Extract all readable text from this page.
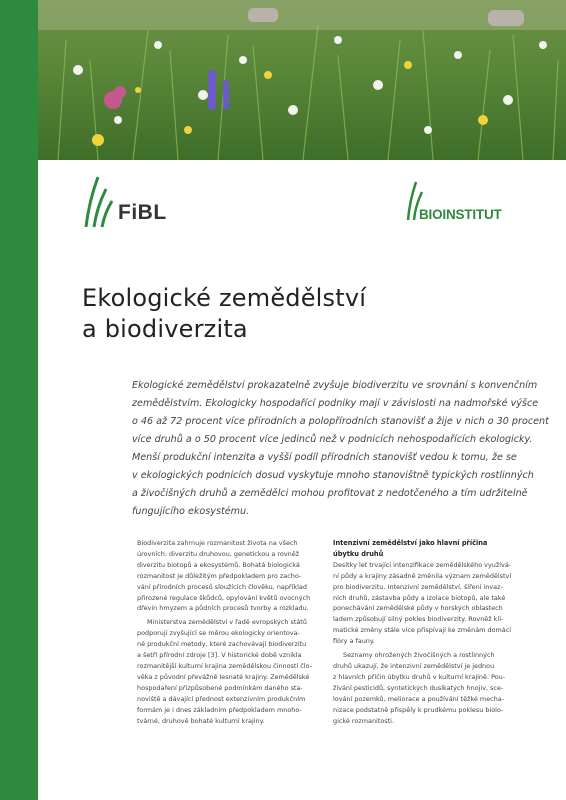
FiBL	BIOINSTITUT
Ekologické zemědělství
a biodiverzita
Ekologické zemědělství prokazatelně zvyšuje biodiverzitu ve srovnání s konvenčním
zemědělstvím. Ekologicky hospodařící podniky mají v závislosti na nadmořské výšce
o 46 až 72 procent více přírodních a polopřírodních stanovišť a žije v nich o 30 procent
více druhů a o 50 procent více jedinců než v podnicích nehospodařících ekologicky.
Menší produkční intenzita a vyšší podíl přírodních stanovišť vedou k tomu, že se
v ekologických podnicích dosud vyskytuje mnoho stanovištně typických rostlinných
a živočišných druhů a zemědělci mohou profitovat z nedotčeného a tím udržitelně
fungujícího ekosystému.
Biodiverzita zahrnuje rozmanitost života na všech
úrovních: diverzitu druhovou, genetickou a rovněž
diverzitu biotopů a ekosystémů. Bohatá biologická
rozmanitost je důležitým předpokladem pro zacho-
vání přírodních procesů sloužících člověku, například
přirozené regulace škůdců, opylování květů ovocných
dřevin hmyzem a půdních procesů tvorby a rozkladu.
Ministerstva zemědělství v řadě evropských států
podporují zvyšující se měrou ekologicky orientova-
né produkční metody, které zachovávají biodiverzitu
a šetří přírodní zdroje [3]. V historické době vznikla
rozmanitější kulturní krajina zemědělskou činností člo-
věka z původní převážně lesnaté krajiny. Zemědělské
hospodaření přizpůsobené podmínkám daného sta-
noviště a dávající přednost extenzivním produkčním
formám je i dnes základním předpokladem mnoho-
tvárné, druhově bohaté kulturní krajiny.
Intenzivní zemědělství jako hlavní příčina
úbytku druhů
Desítky let trvající intenzifikace zemědělského využívá-
ní půdy a krajiny zásadně změnila význam zemědělství
pro biodiverzitu. Intenzivní zemědělství, šíření invaz-
ních druhů, zástavba půdy a izolace biotopů, ale také
ponechávání zemědělské půdy v horských oblastech
ladem způsobují silný pokles biodiverzity. Rovněž kli-
matické změny stále více přispívají ke změnám domácí
flóry a fauny.
Seznamy ohrožených živočišných a rostlinných
druhů ukazují, že intenzivní zemědělství je jednou
z hlavních příčin úbytku druhů v kulturní krajině. Pou-
žívání pesticidů, syntetických dusíkatých hnojiv, sce-
lování pozemků, meliorace a používání těžké mecha-
nizace podstatně přispěly k prudkému poklesu biolo-
gické rozmanitosti.
